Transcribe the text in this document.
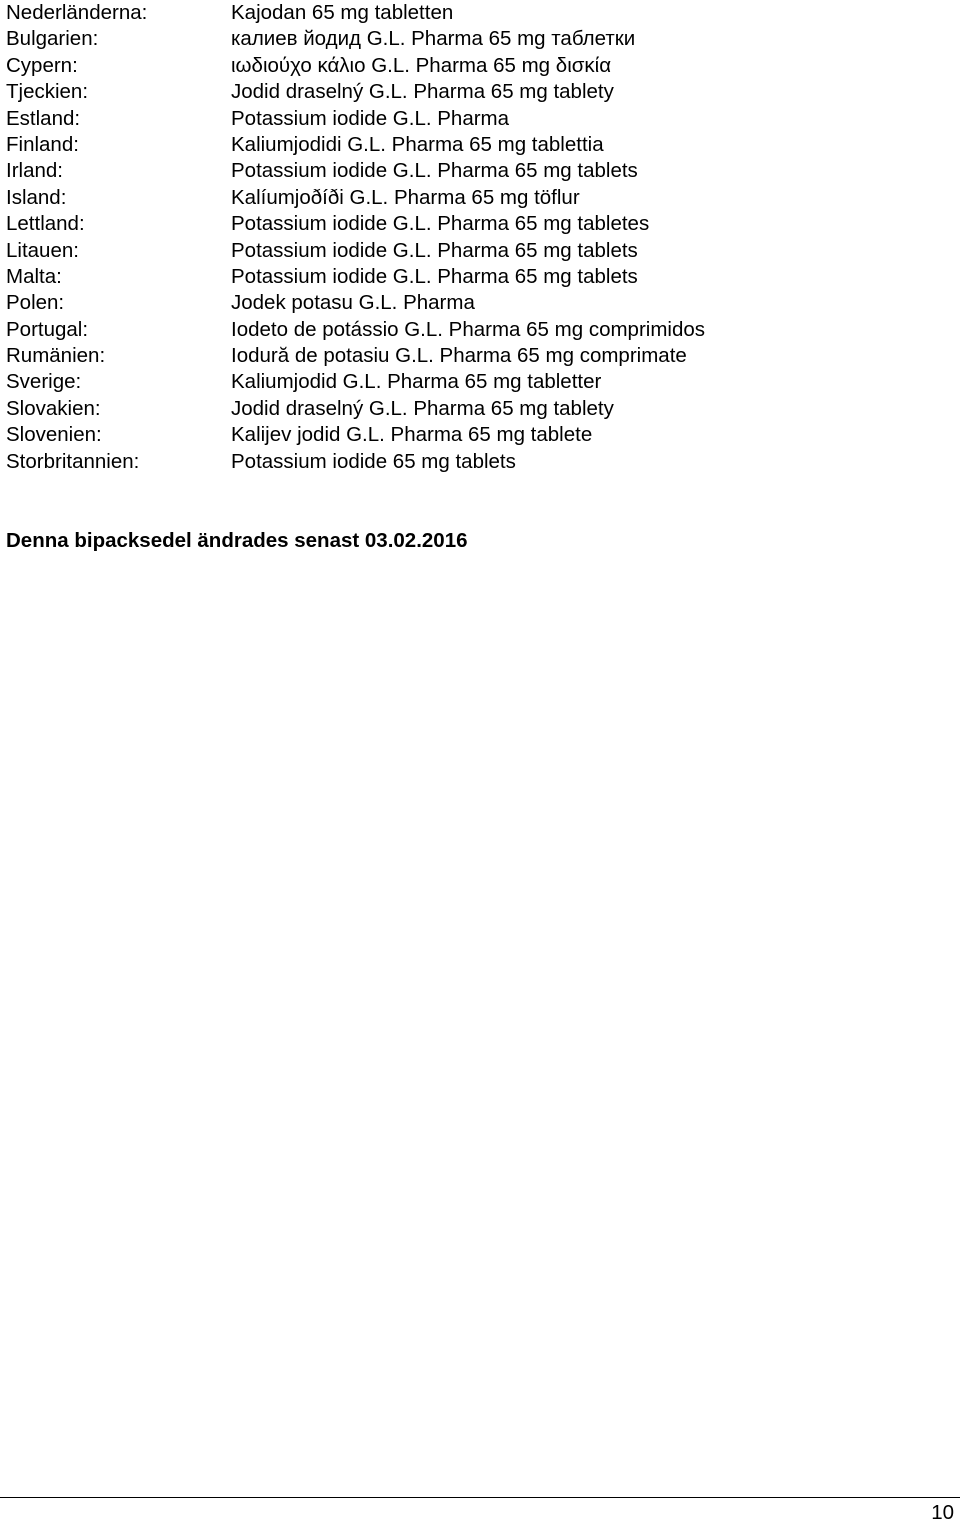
Nederländerna:	Kajodan 65 mg tabletten
Bulgarien:	калиев йодид G.L. Pharma 65 mg таблетки
Cypern:	ιωδιούχο κάλιο G.L. Pharma 65 mg δισκία
Tjeckien:	Jodid draselný G.L. Pharma 65 mg tablety
Estland:	Potassium iodide G.L. Pharma
Finland:	Kaliumjodidi G.L. Pharma 65 mg tablettia
Irland:	Potassium iodide G.L. Pharma 65 mg tablets
Island:	Kalíumjoðíði G.L. Pharma 65 mg töflur
Lettland:	Potassium iodide G.L. Pharma 65 mg tabletes
Litauen:	Potassium iodide G.L. Pharma 65 mg tablets
Malta:	Potassium iodide G.L. Pharma 65 mg tablets
Polen:	Jodek potasu G.L. Pharma
Portugal:	Iodeto de potássio G.L. Pharma 65 mg comprimidos
Rumänien:	Iodură de potasiu G.L. Pharma 65 mg comprimate
Sverige:	Kaliumjodid G.L. Pharma 65 mg tabletter
Slovakien:	Jodid draselný G.L. Pharma 65 mg tablety
Slovenien:	Kalijev jodid G.L. Pharma 65 mg tablete
Storbritannien:	Potassium iodide 65 mg tablets
Denna bipacksedel ändrades senast 03.02.2016
10
